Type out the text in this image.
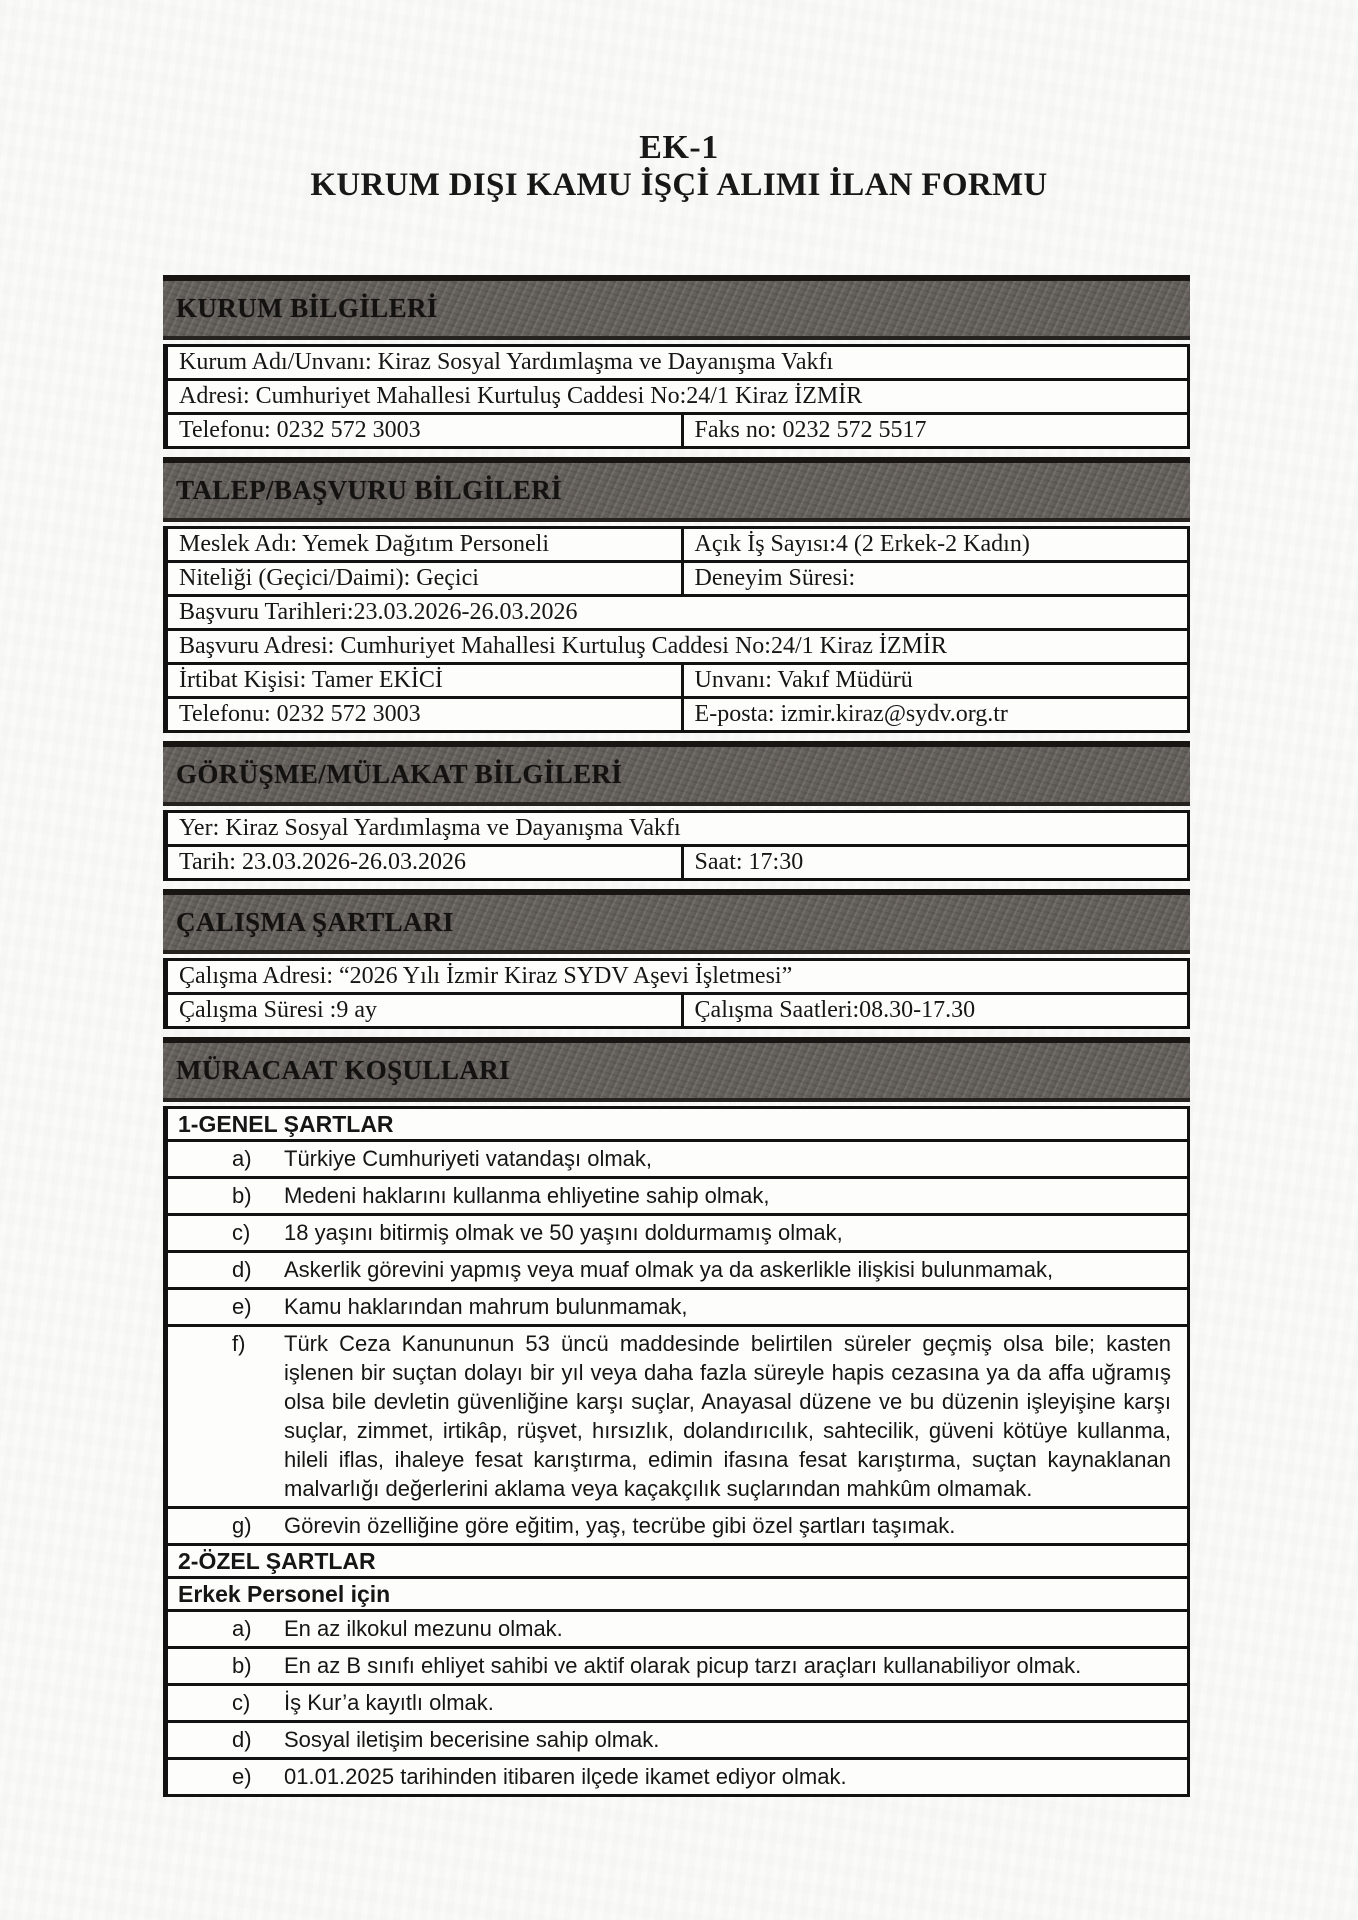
EK-1
KURUM DIŞI KAMU İŞÇİ ALIMI İLAN FORMU
KURUM BİLGİLERİ
Kurum Adı/Unvanı: Kiraz Sosyal Yardımlaşma ve Dayanışma Vakfı
Adresi: Cumhuriyet Mahallesi Kurtuluş Caddesi No:24/1 Kiraz İZMİR
Telefonu: 0232 572 3003	Faks no: 0232 572 5517
TALEP/BAŞVURU BİLGİLERİ
Meslek Adı: Yemek Dağıtım Personeli	Açık İş Sayısı:4 (2 Erkek-2 Kadın)
Niteliği (Geçici/Daimi): Geçici	Deneyim Süresi:
Başvuru Tarihleri:23.03.2026-26.03.2026
Başvuru Adresi: Cumhuriyet Mahallesi Kurtuluş Caddesi No:24/1 Kiraz İZMİR
İrtibat Kişisi: Tamer EKİCİ	Unvanı: Vakıf Müdürü
Telefonu: 0232 572 3003	E-posta: izmir.kiraz@sydv.org.tr
GÖRÜŞME/MÜLAKAT BİLGİLERİ
Yer: Kiraz Sosyal Yardımlaşma ve Dayanışma Vakfı
Tarih: 23.03.2026-26.03.2026	Saat: 17:30
ÇALIŞMA ŞARTLARI
Çalışma Adresi: “2026 Yılı İzmir Kiraz SYDV Aşevi İşletmesi”
Çalışma Süresi :9 ay	Çalışma Saatleri:08.30-17.30
MÜRACAAT KOŞULLARI
1-GENEL ŞARTLAR
a)	Türkiye Cumhuriyeti vatandaşı olmak,
b)	Medeni haklarını kullanma ehliyetine sahip olmak,
c)	18 yaşını bitirmiş olmak ve 50 yaşını doldurmamış olmak,
d)	Askerlik görevini yapmış veya muaf olmak ya da askerlikle ilişkisi bulunmamak,
e)	Kamu haklarından mahrum bulunmamak,
f)	Türk Ceza Kanununun 53 üncü maddesinde belirtilen süreler geçmiş olsa bile; kasten işlenen bir suçtan dolayı bir yıl veya daha fazla süreyle hapis cezasına ya da affa uğramış olsa bile devletin güvenliğine karşı suçlar, Anayasal düzene ve bu düzenin işleyişine karşı suçlar, zimmet, irtikâp, rüşvet, hırsızlık, dolandırıcılık, sahtecilik, güveni kötüye kullanma, hileli iflas, ihaleye fesat karıştırma, edimin ifasına fesat karıştırma, suçtan kaynaklanan malvarlığı değerlerini aklama veya kaçakçılık suçlarından mahkûm olmamak.
g)	Görevin özelliğine göre eğitim, yaş, tecrübe gibi özel şartları taşımak.
2-ÖZEL ŞARTLAR
Erkek Personel için
a)	En az ilkokul mezunu olmak.
b)	En az B sınıfı ehliyet sahibi ve aktif olarak picup tarzı araçları kullanabiliyor olmak.
c)	İş Kur’a kayıtlı olmak.
d)	Sosyal iletişim becerisine sahip olmak.
e)	01.01.2025 tarihinden itibaren ilçede ikamet ediyor olmak.
